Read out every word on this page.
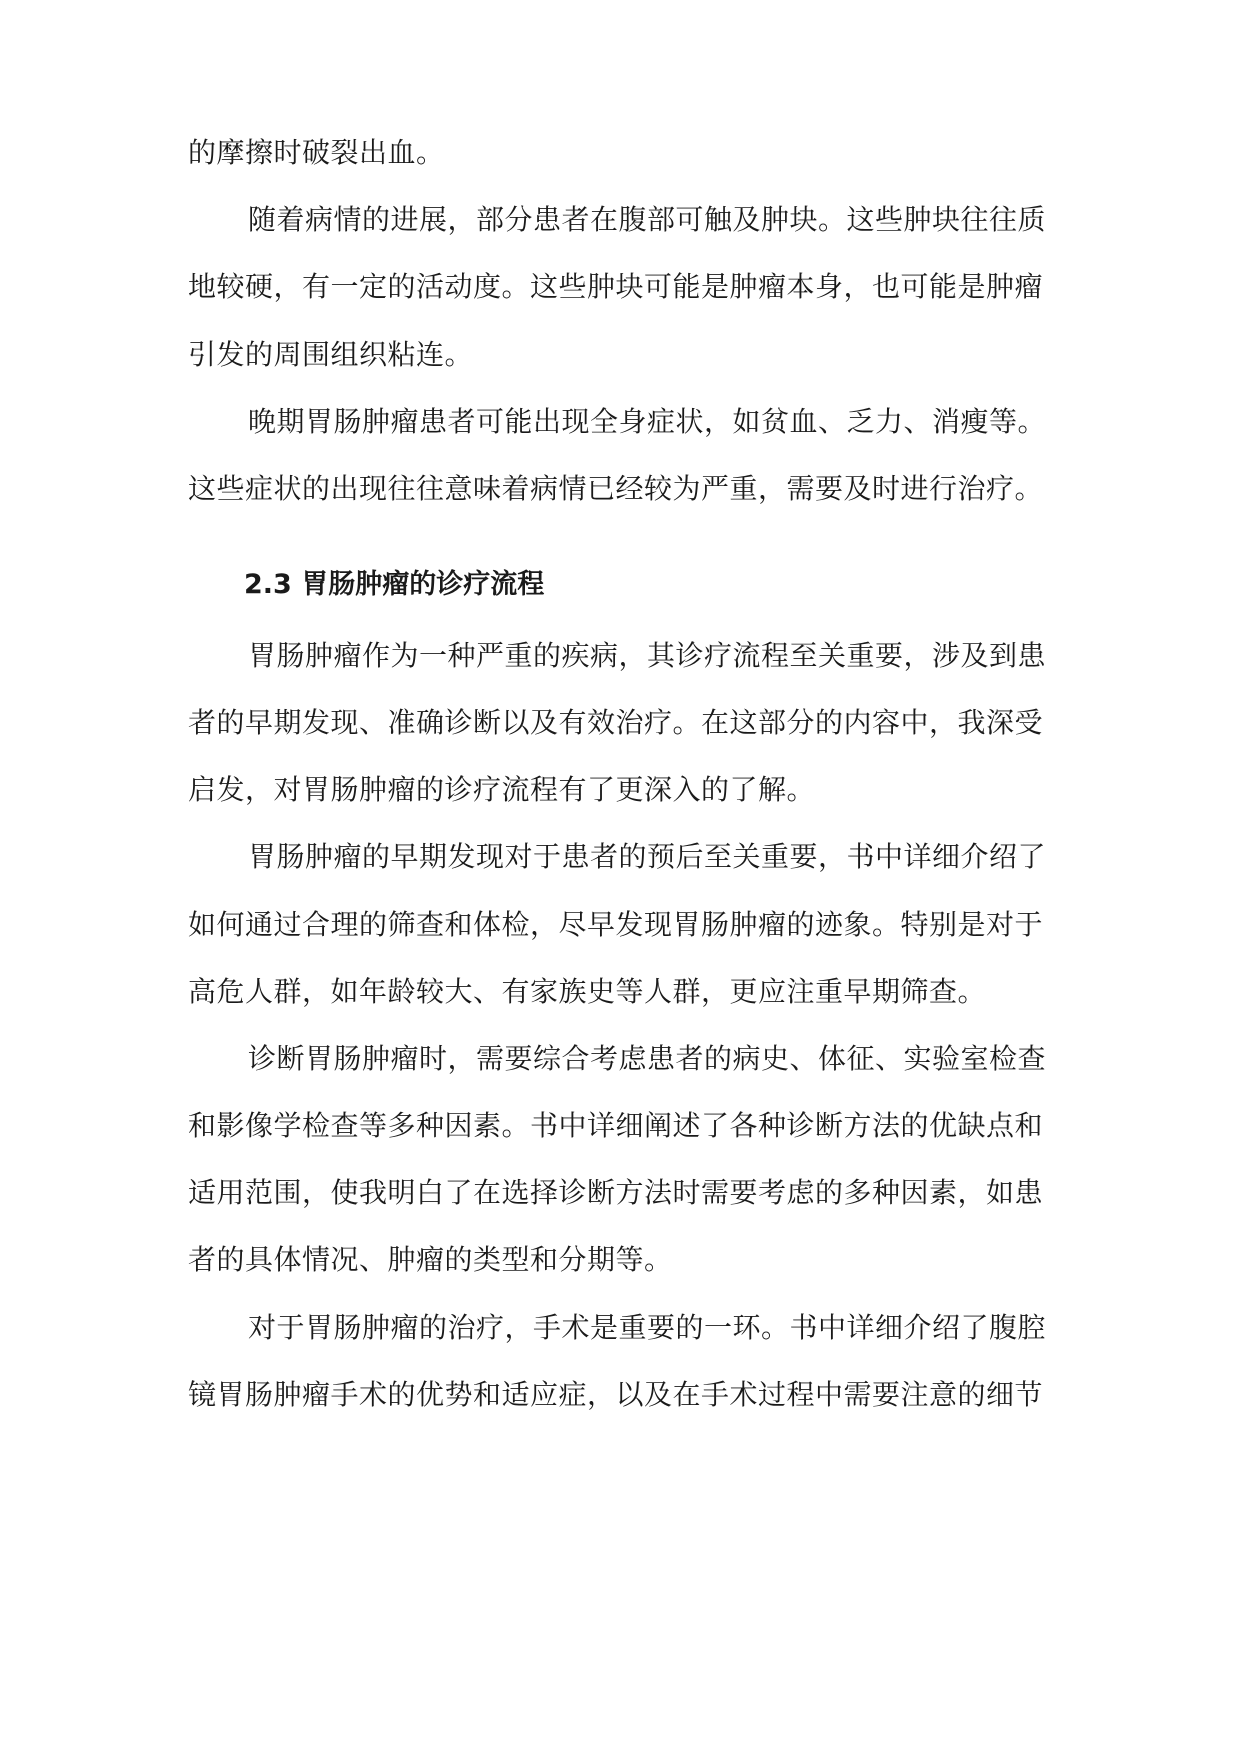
的摩擦时破裂出血。
随着病情的进展，部分患者在腹部可触及肿块。这些肿块往往质
地较硬，有一定的活动度。这些肿块可能是肿瘤本身，也可能是肿瘤
引发的周围组织粘连。
晚期胃肠肿瘤患者可能出现全身症状，如贫血、乏力、消瘦等。
这些症状的出现往往意味着病情已经较为严重，需要及时进行治疗。
2.3 胃肠肿瘤的诊疗流程
胃肠肿瘤作为一种严重的疾病，其诊疗流程至关重要，涉及到患
者的早期发现、准确诊断以及有效治疗。在这部分的内容中，我深受
启发，对胃肠肿瘤的诊疗流程有了更深入的了解。
胃肠肿瘤的早期发现对于患者的预后至关重要，书中详细介绍了
如何通过合理的筛查和体检，尽早发现胃肠肿瘤的迹象。特别是对于
高危人群，如年龄较大、有家族史等人群，更应注重早期筛查。
诊断胃肠肿瘤时，需要综合考虑患者的病史、体征、实验室检查
和影像学检查等多种因素。书中详细阐述了各种诊断方法的优缺点和
适用范围，使我明白了在选择诊断方法时需要考虑的多种因素，如患
者的具体情况、肿瘤的类型和分期等。
对于胃肠肿瘤的治疗，手术是重要的一环。书中详细介绍了腹腔
镜胃肠肿瘤手术的优势和适应症，以及在手术过程中需要注意的细节
